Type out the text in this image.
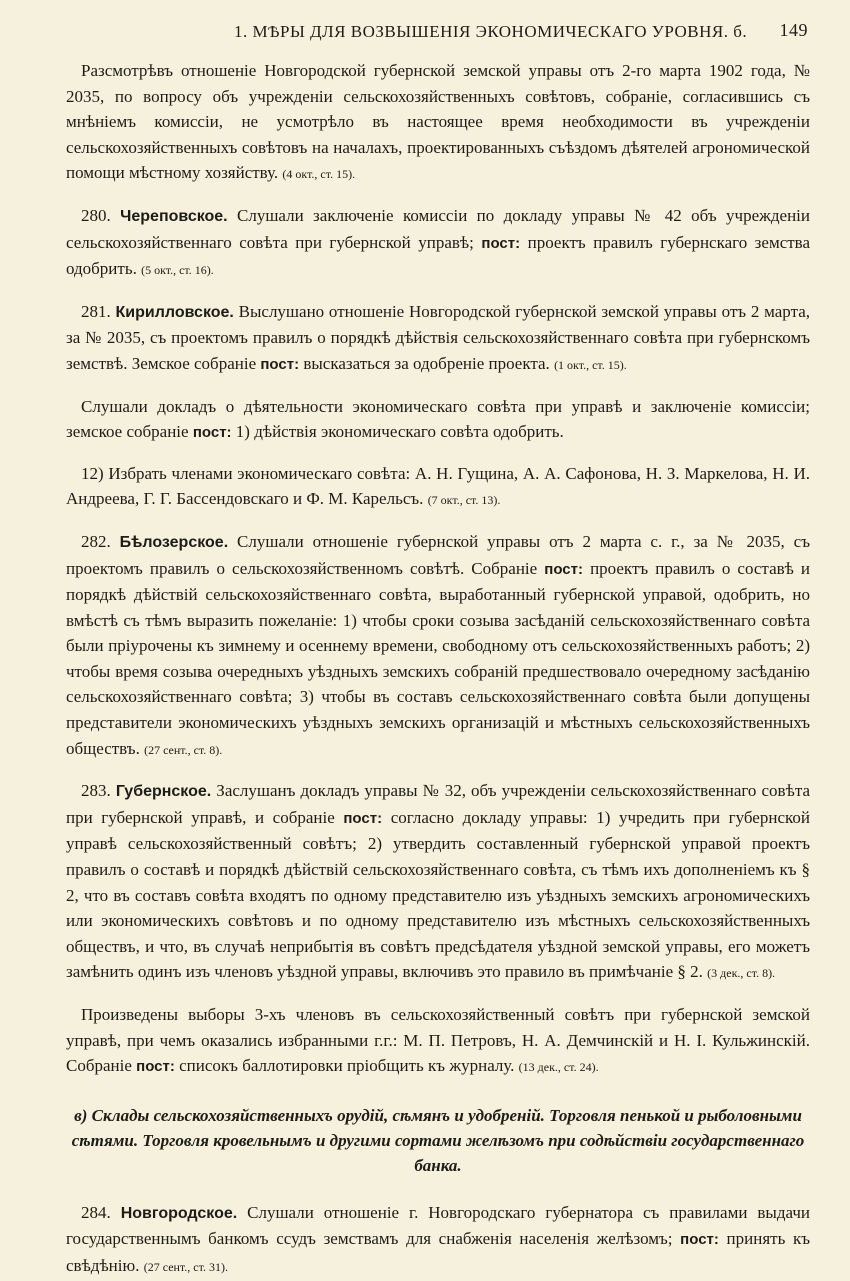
1. МѢРЫ ДЛЯ ВОЗВЫШЕНІЯ ЭКОНОМИЧЕСКАГО УРОВНЯ. б. 149

Разсмотрѣвъ отношеніе Новгородской губернской земской управы отъ 2-го марта 1902 года, № 2035, по вопросу объ учрежденіи сельскохозяйственныхъ совѣтовъ, собраніе, согласившись съ мнѣніемъ комиссіи, не усмотрѣло въ настоящее время необходимости въ учрежденіи сельскохозяйственныхъ совѣтовъ на началахъ, проектированныхъ съѣздомъ дѣятелей агрономической помощи мѣстному хозяйству. (4 окт., ст. 15).

280. Череповское. Слушали заключеніе комиссіи по докладу управы № 42 объ учрежденіи сельскохозяйственнаго совѣта при губернской управѣ; пост: проектъ правилъ губернскаго земства одобрить. (5 окт., ст. 16).

281. Кирилловское. Выслушано отношеніе Новгородской губернской земской управы отъ 2 марта, за № 2035, съ проектомъ правилъ о порядкѣ дѣйствія сельскохозяйственнаго совѣта при губернскомъ земствѣ. Земское собраніе пост: высказаться за одобреніе проекта. (1 окт., ст. 15).

Слушали докладъ о дѣятельности экономическаго совѣта при управѣ и заключеніе комиссіи; земское собраніе пост: 1) дѣйствія экономическаго совѣта одобрить.

12) Избрать членами экономическаго совѣта: А. Н. Гущина, А. А. Сафонова, Н. З. Маркелова, Н. И. Андреева, Г. Г. Бассендовскаго и Ф. М. Карельсъ. (7 окт., ст. 13).

282. Бѣлозерское. Слушали отношеніе губернской управы отъ 2 марта с. г., за № 2035, съ проектомъ правилъ о сельскохозяйственномъ совѣтѣ. Собраніе пост: проектъ правилъ о составѣ и порядкѣ дѣйствій сельскохозяйственнаго совѣта, выработанный губернской управой, одобрить, но вмѣстѣ съ тѣмъ выразить пожеланіе: 1) чтобы сроки созыва засѣданій сельскохозяйственнаго совѣта были пріурочены къ зимнему и осеннему времени, свободному отъ сельскохозяйственныхъ работъ; 2) чтобы время созыва очередныхъ уѣздныхъ земскихъ собраній предшествовало очередному засѣданію сельскохозяйственнаго совѣта; 3) чтобы въ составъ сельскохозяйственнаго совѣта были допущены представители экономическихъ уѣздныхъ земскихъ организацій и мѣстныхъ сельскохозяйственныхъ обществъ. (27 сент., ст. 8).

283. Губернское. Заслушанъ докладъ управы № 32, объ учрежденіи сельскохозяйственнаго совѣта при губернской управѣ, и собраніе пост: согласно докладу управы: 1) учредить при губернской управѣ сельскохозяйственный совѣтъ; 2) утвердить составленный губернской управой проектъ правилъ о составѣ и порядкѣ дѣйствій сельскохозяйственнаго совѣта, съ тѣмъ ихъ дополненіемъ къ § 2, что въ составъ совѣта входятъ по одному представителю изъ уѣздныхъ земскихъ агрономическихъ или экономическихъ совѣтовъ и по одному представителю изъ мѣстныхъ сельскохозяйственныхъ обществъ, и что, въ случаѣ неприбытія въ совѣтъ предсѣдателя уѣздной земской управы, его можетъ замѣнить одинъ изъ членовъ уѣздной управы, включивъ это правило въ примѣчаніе § 2. (3 дек., ст. 8).

Произведены выборы 3-хъ членовъ въ сельскохозяйственный совѣтъ при губернской земской управѣ, при чемъ оказались избранными г.г.: М. П. Петровъ, Н. А. Демчинскій и Н. І. Кульжинскій. Собраніе пост: списокъ баллотировки пріобщить къ журналу. (13 дек., ст. 24).

в) Склады сельскохозяйственныхъ орудій, сѣмянъ и удобреній. Торговля пенькой и рыболовными сѣтями. Торговля кровельнымъ и другими сортами желѣзомъ при содѣйствіи государственнаго банка.

284. Новгородское. Слушали отношеніе г. Новгородскаго губернатора съ правилами выдачи государственнымъ банкомъ ссудъ земствамъ для снабженія населенія желѣзомъ; пост: принять къ свѣдѣнію. (27 сент., ст. 31).
